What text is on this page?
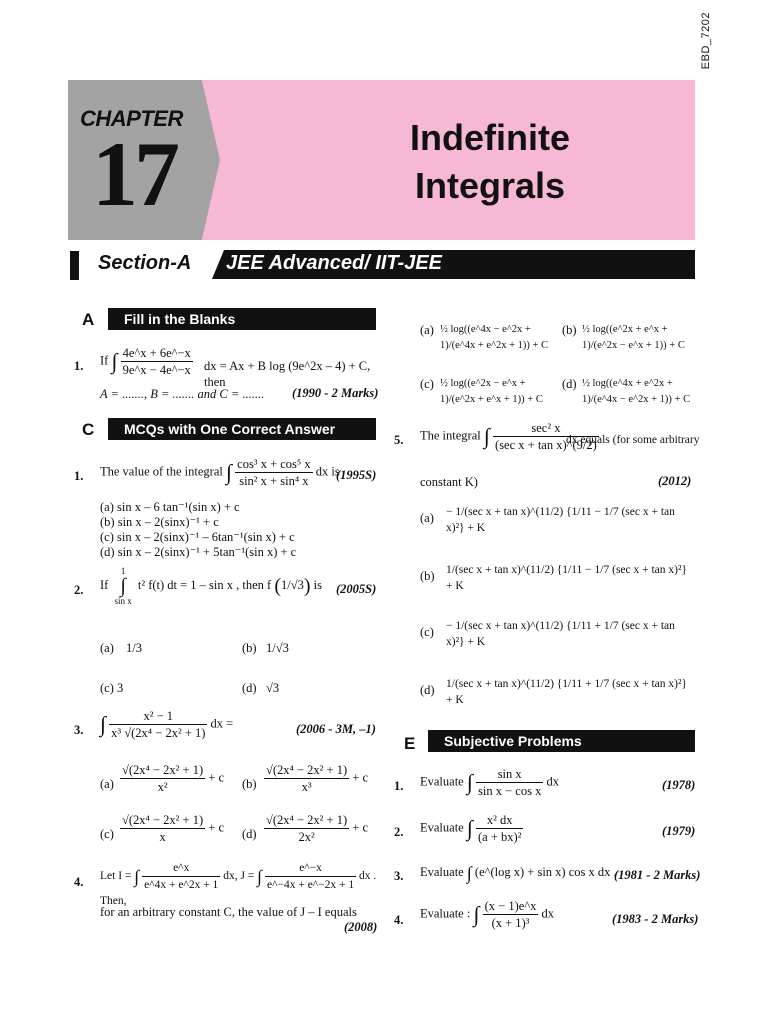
EBD_7202
CHAPTER
17	Indefinite
Integrals
Section-A JEE Advanced/ IIT-JEE
A	Fill in the Blanks
1. If ∫ $\frac{4e\^{}x + 6e\^{}-x}{9e\^{}x - 4e\^{}-x}$ dx = Ax + B log (9e^2x – 4) + C, then
A = ......., B = ....... and C = ....... (1990 - 2 Marks)
C	MCQs with One Correct Answer
1. The value of the integral ∫ $\frac{\text{cos³ x + cos⁵ x}}{\text{sin² x + sin⁴ x}}$ dx is
(1995S)
(a) sin x – 6 tan⁻¹(sin x) + c
(b) sin x – 2(sinx)⁻¹ + c
(c) sin x – 2(sinx)⁻¹ – 6tan⁻¹(sin x) + c
(d) sin x – 2(sinx)⁻¹ + 5tan⁻¹(sin x) + c
2. If
1
∫
sin x
t² f(t) dt = 1 – sin x , then f (1/√3) is	(2005S)
(a) 1/3	(b) 1/√3
(c) 3	(d) √3
3. ∫ $\frac{\text{x² − 1}}{\text{x³ √(2x⁴ − 2x² + 1)}}$ dx =	(2006 - 3M, –1)
$(a) \frac{\text{√(2x⁴ − 2x² + 1)}}{\text{x²}} + c$ $(b) \frac{\text{√(2x⁴ − 2x² + 1)}}{\text{x³}} + c$
$(c) \frac{\text{√(2x⁴ − 2x² + 1)}}{x} + c$ $(d) \frac{\text{√(2x⁴ − 2x² + 1)}}{\text{2x²}} + c$
4. Let I = ∫ $\frac{e\^{}x}{e\^{}4x + e\^{}2x + 1}$ dx, J = ∫ $\frac{e\^{}-x}{e\^{}-4x + e\^{}-2x + 1}$ dx . Then,
for an arbitrary constant C, the value of J – I equals
(2008)
(a) ½ log((e^4x − e^2x + 1)/(e^4x + e^2x + 1)) + C
(b) ½ log((e^2x + e^x + 1)/(e^2x − e^x + 1)) + C
(c) ½ log((e^2x − e^x + 1)/(e^2x + e^x + 1)) + C
(d) ½ log((e^4x + e^2x + 1)/(e^4x − e^2x + 1)) + C
5. The integral ∫ $\frac{\text{sec² x}}{\text{(sec x + tan x)\textasciicircum{}(9/2)}}$
dx equals (for some arbitrary
constant K)	(2012)
(a) − 1/(sec x + tan x)^(11/2) {1/11 − 1/7 (sec x + tan x)²} + K
(b) 1/(sec x + tan x)^(11/2) {1/11 − 1/7 (sec x + tan x)²} + K
(c) − 1/(sec x + tan x)^(11/2) {1/11 + 1/7 (sec x + tan x)²} + K
(d) 1/(sec x + tan x)^(11/2) {1/11 + 1/7 (sec x + tan x)²} + K
E	Subjective Problems
1. Evaluate ∫ $\frac{\text{sin x}}{\text{sin x − cos x}}$ dx	(1978)
2. Evaluate ∫ $\frac{\text{x² dx}}{\text{(a + bx)²}}$	(1979)
3. Evaluate ∫ (e^(log x) + sin x) cos x dx .
(1981 - 2 Marks)
4. Evaluate : ∫ $\frac{(x - 1)e\^{}x}{\text{(x + 1)³}}$ dx	(1983 - 2 Marks)
